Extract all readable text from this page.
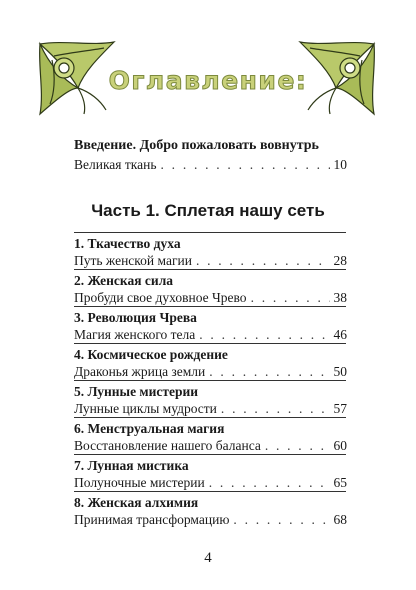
Оглавление:
Введение. Добро пожаловать вовнутрь
Великая ткань . . .	10
Часть 1. Сплетая нашу сеть
1. Ткачество духа
Путь женской магии . . .	28
2. Женская сила
Пробуди свое духовное Чрево . . .	38
3. Революция Чрева
Магия женского тела . . .	46
4. Космическое рождение
Драконья жрица земли . . .	50
5. Лунные мистерии
Лунные циклы мудрости . . .	57
6. Менструальная магия
Восстановление нашего баланса . . .	60
7. Лунная мистика
Полуночные мистерии . . .	65
8. Женская алхимия
Принимая трансформацию . . .	68
4
